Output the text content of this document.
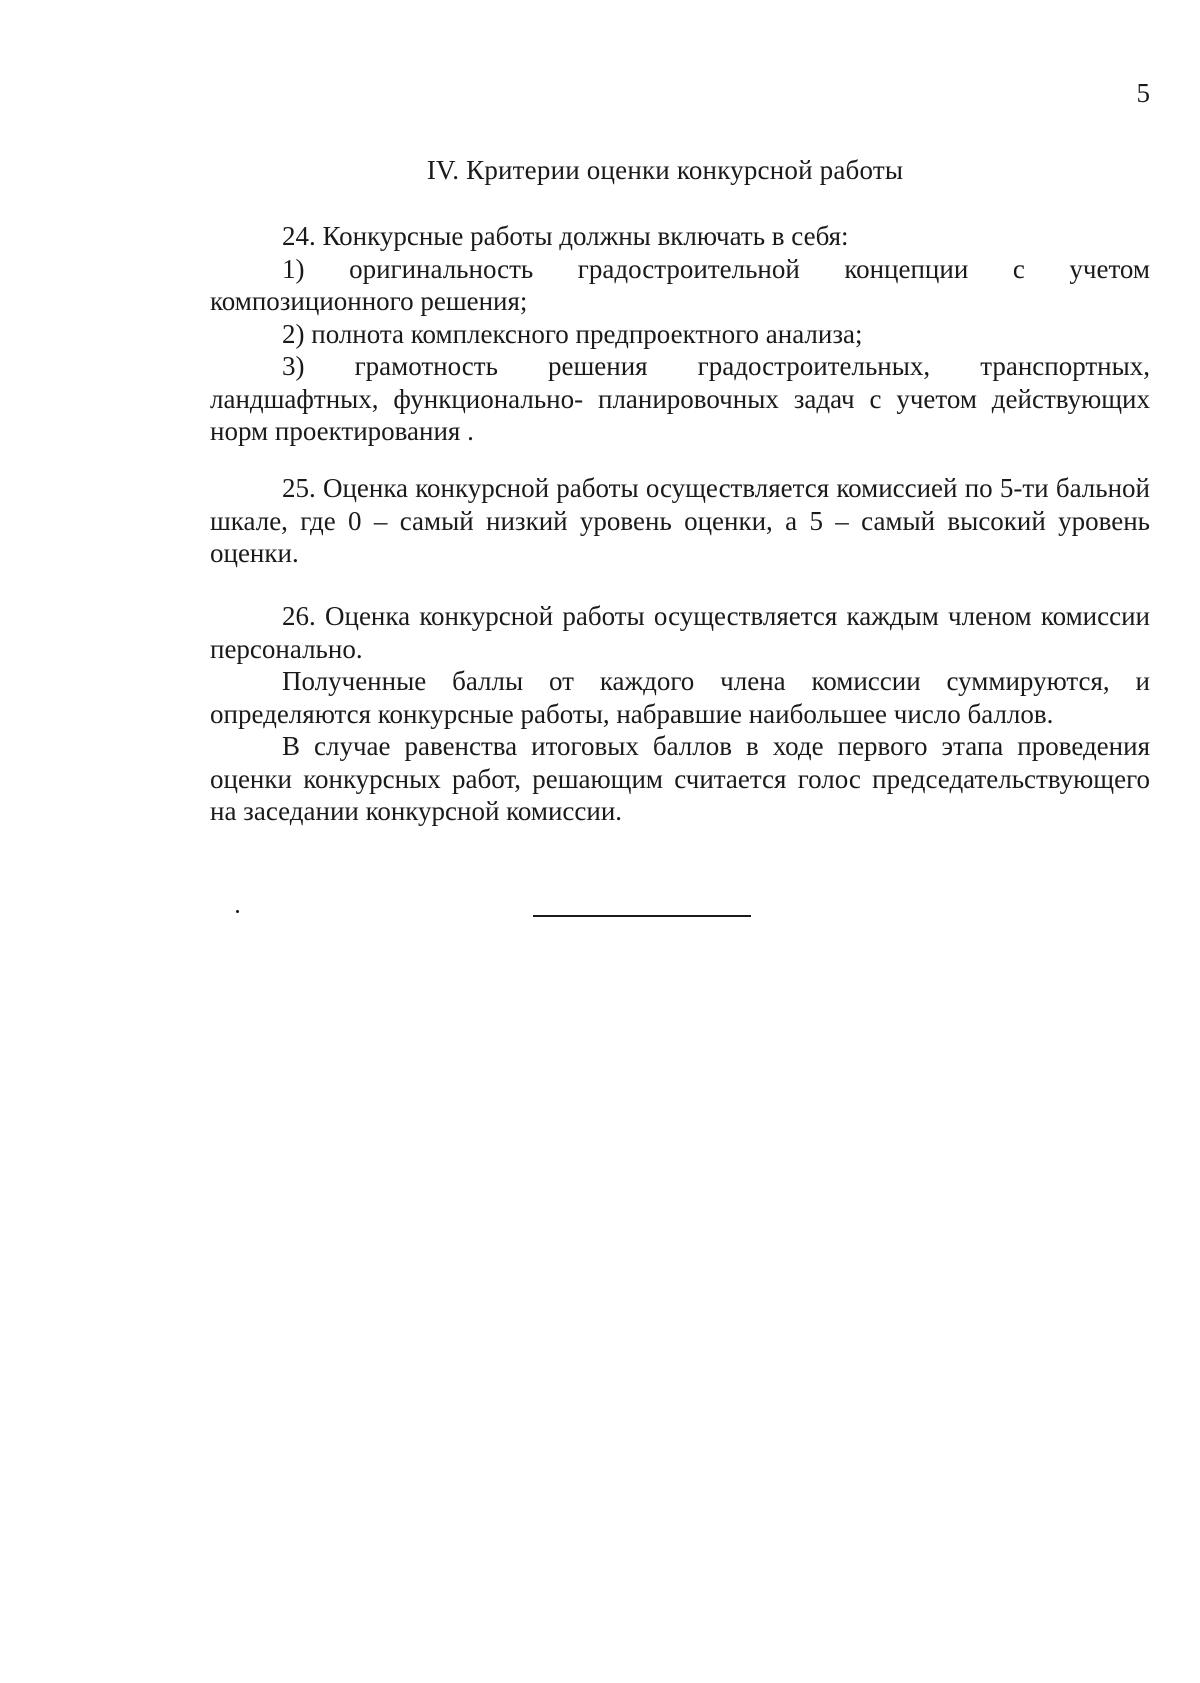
5
IV. Критерии оценки конкурсной работы

24. Конкурсные работы должны включать в себя:

1) оригинальность градостроительной концепции с учетом композиционного решения;

2) полнота комплексного предпроектного анализа;

3) грамотность решения градостроительных, транспортных, ландшафтных, функционально- планировочных задач с учетом действующих норм проектирования .

25. Оценка конкурсной работы осуществляется комиссией по 5-ти бальной шкале, где 0 – самый низкий уровень оценки, а 5 – самый высокий уровень оценки.

26. Оценка конкурсной работы осуществляется каждым членом комиссии персонально.

Полученные баллы от каждого члена комиссии суммируются, и определяются конкурсные работы, набравшие наибольшее число баллов.

В случае равенства итоговых баллов в ходе первого этапа проведения оценки конкурсных работ, решающим считается голос председательствующего на заседании конкурсной комиссии.
